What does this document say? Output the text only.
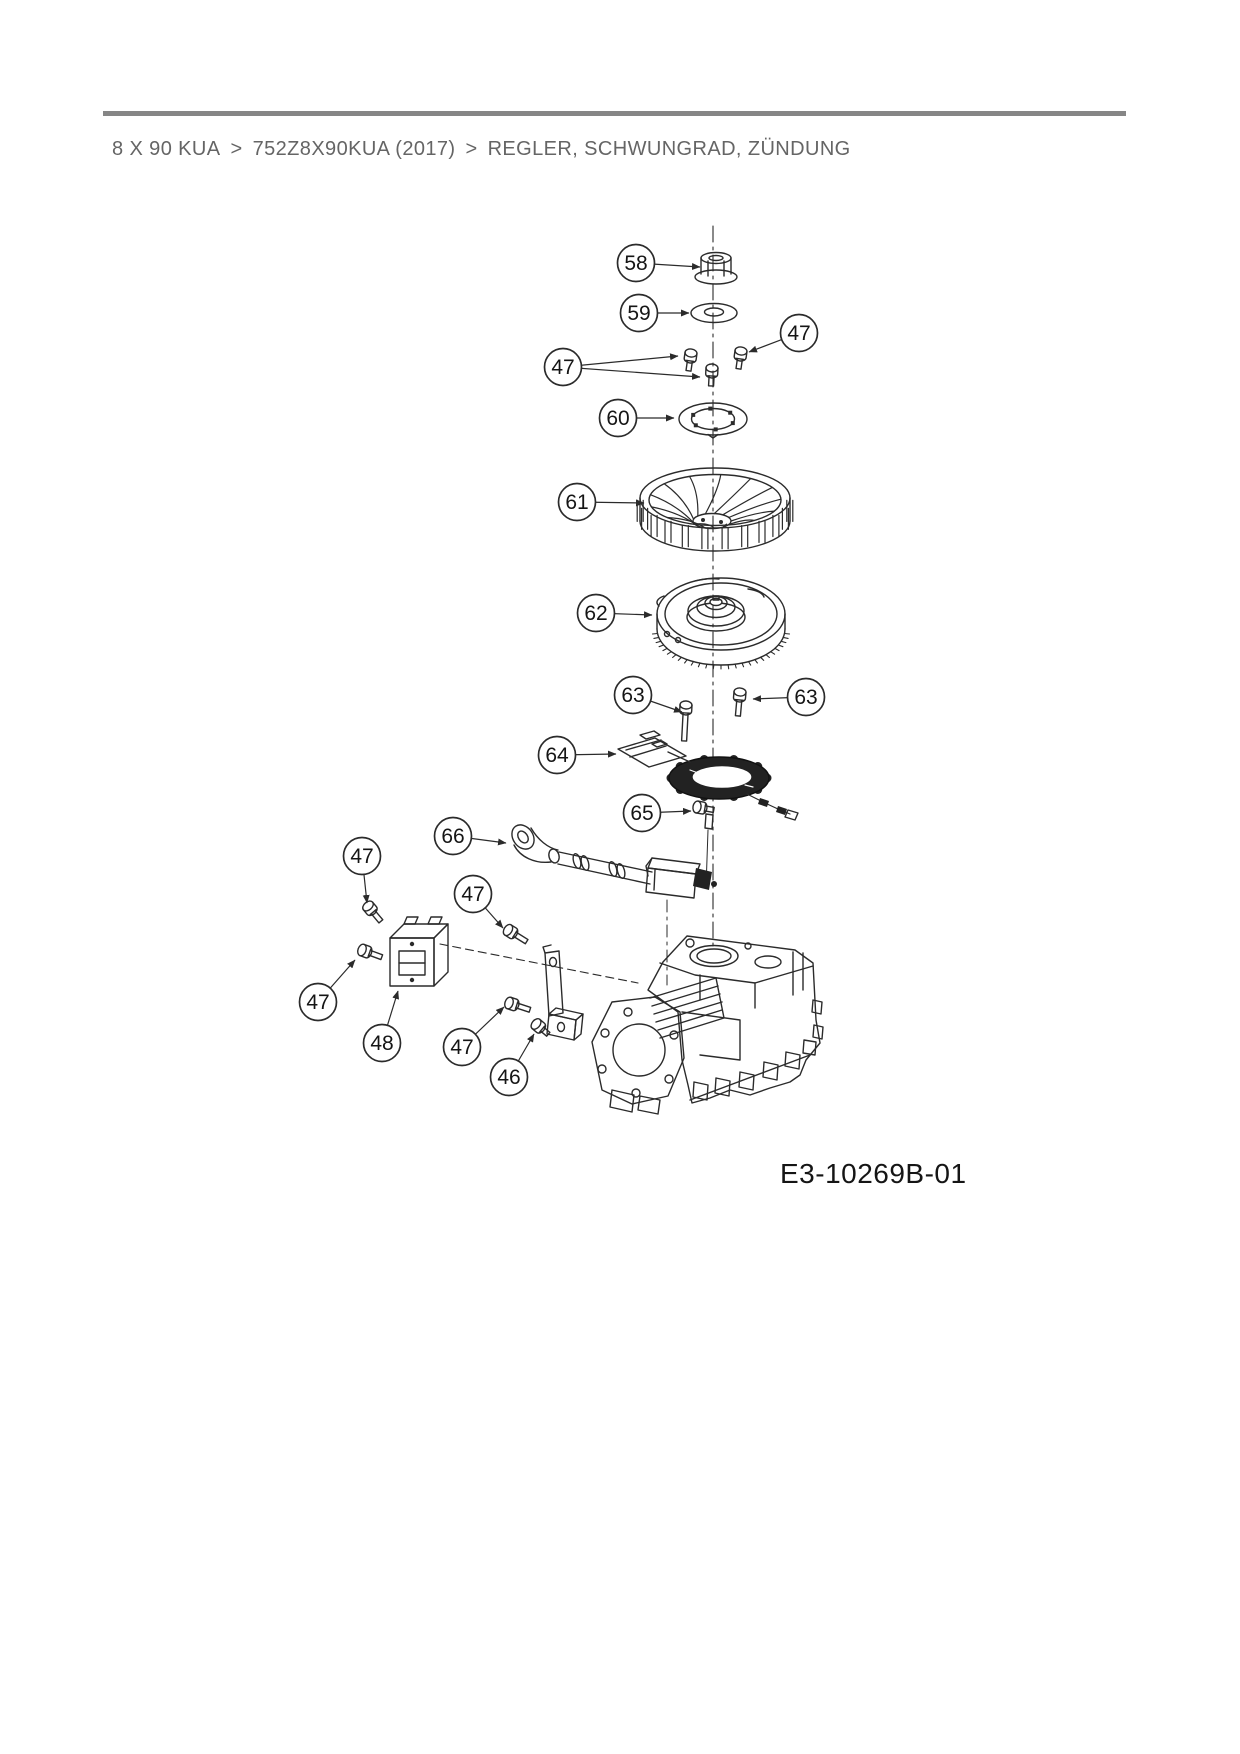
8 X 90 KUA > 752Z8X90KUA (2017) > REGLER, SCHWUNGRAD, ZÜNDUNG
58
59
47
47
60
61
62
63	63
64
65
66
47
47
47
48	47
46
E3-10269B-01
